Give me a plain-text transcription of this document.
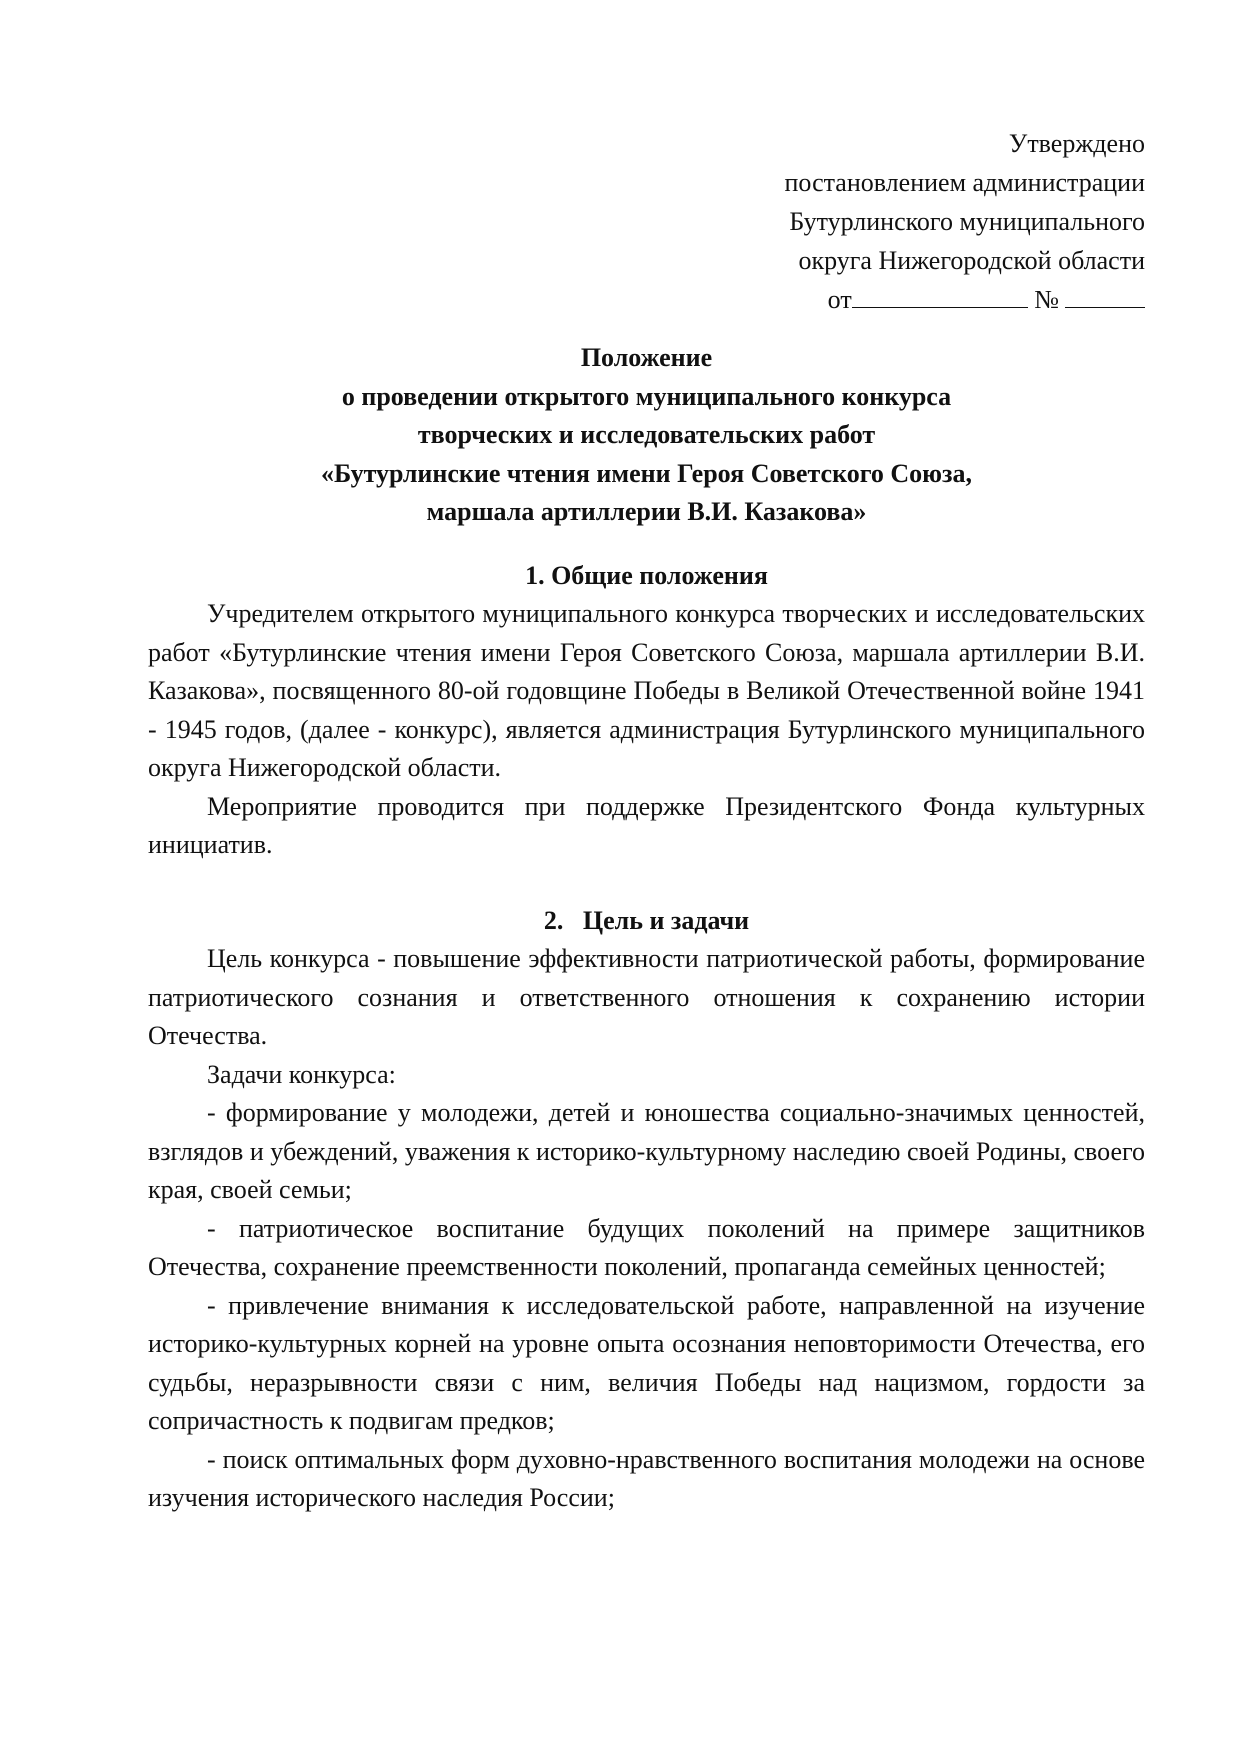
Утверждено
постановлением администрации
Бутурлинского муниципального
округа Нижегородской области
от	№
Положение
о проведении открытого муниципального конкурса
творческих и исследовательских работ
«Бутурлинские чтения имени Героя Советского Союза,
маршала артиллерии В.И. Казакова»
1. Общие положения

Учредителем открытого муниципального конкурса творческих и исследовательских работ «Бутурлинские чтения имени Героя Советского Союза, маршала артиллерии В.И. Казакова», посвященного 80-ой годовщине Победы в Великой Отечественной войне 1941 - 1945 годов, (далее - конкурс), является администрация Бутурлинского муниципального округа Нижегородской области.

Мероприятие проводится при поддержке Президентского Фонда культурных инициатив.

2.   Цель и задачи

Цель конкурса - повышение эффективности патриотической работы, формирование патриотического сознания и ответственного отношения к сохранению истории Отечества.

Задачи конкурса:

- формирование у молодежи, детей и юношества социально-значимых ценностей, взглядов и убеждений, уважения к историко-культурному наследию своей Родины, своего края, своей семьи;

- патриотическое воспитание будущих поколений на примере защитников Отечества, сохранение преемственности поколений, пропаганда семейных ценностей;

- привлечение внимания к исследовательской работе, направленной на изучение историко-культурных корней на уровне опыта осознания неповторимости Отечества, его судьбы, неразрывности связи с ним, величия Победы над нацизмом, гордости за сопричастность к подвигам предков;

- поиск оптимальных форм духовно-нравственного воспитания молодежи на основе изучения исторического наследия России;
